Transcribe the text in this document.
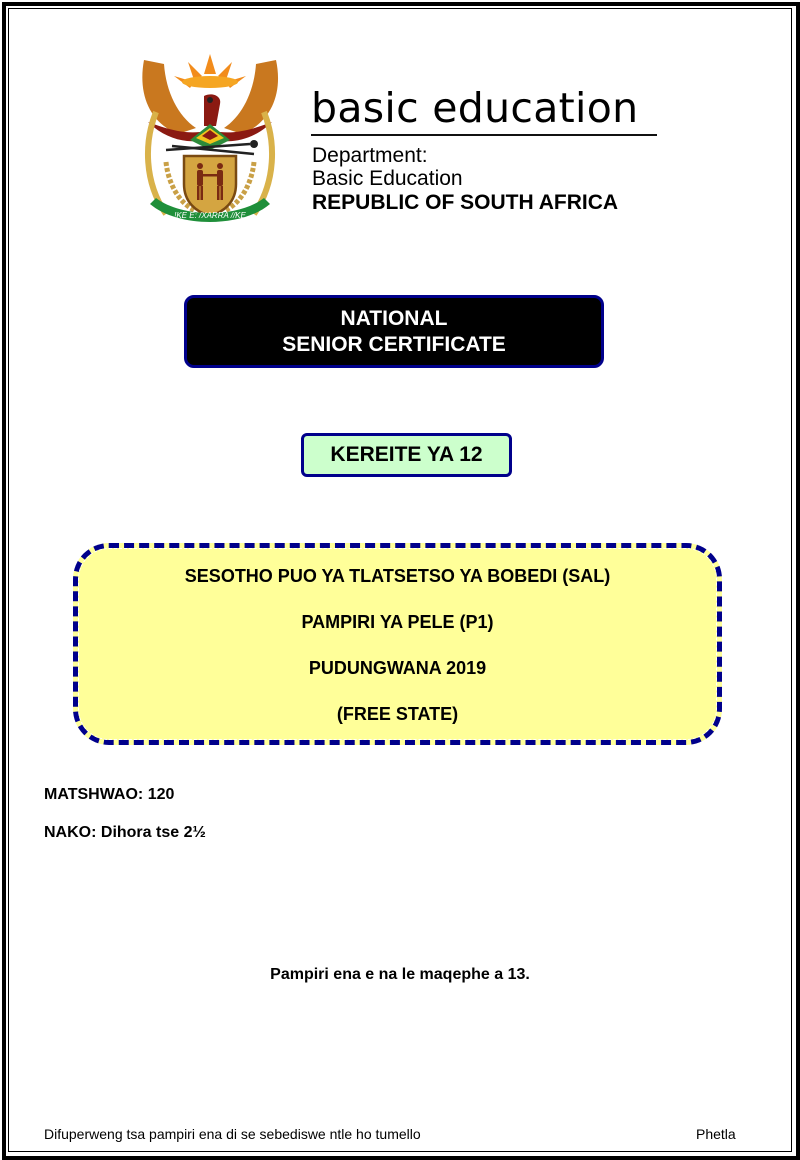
!KE E: /XARRA //KE
basic education
Department:
Basic Education
REPUBLIC OF SOUTH AFRICA
NATIONAL
SENIOR CERTIFICATE
KEREITE YA 12
SESOTHO PUO YA TLATSETSO YA BOBEDI (SAL)
PAMPIRI YA PELE (P1)
PUDUNGWANA 2019
(FREE STATE)
MATSHWAO: 120
NAKO: Dihora tse 2½
Pampiri ena e na le maqephe a 13.
Difuperweng tsa pampiri ena di se sebediswe ntle ho tumello	Phetla
